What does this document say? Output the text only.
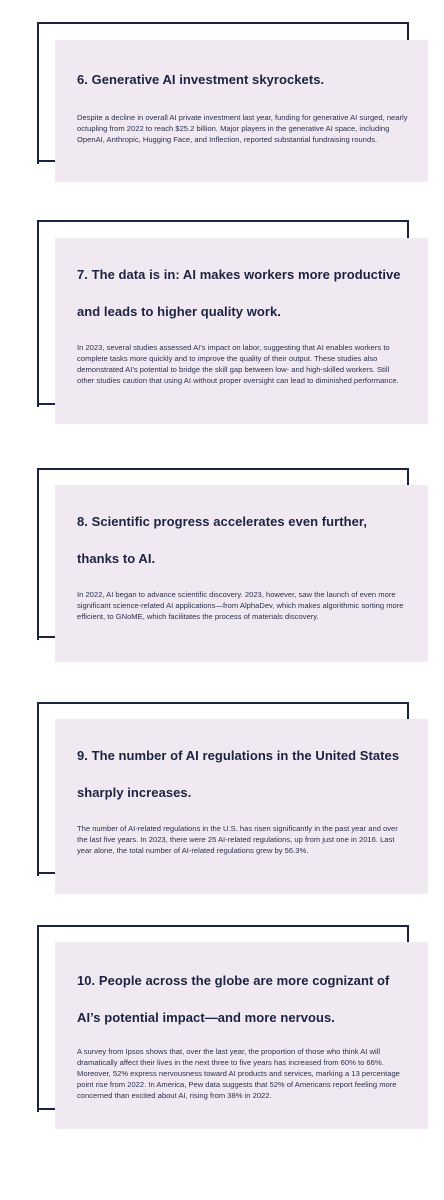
6. Generative AI investment skyrockets.

Despite a decline in overall AI private investment last year, funding for generative AI surged, nearly octupling from 2022 to reach $25.2 billion. Major players in the generative AI space, including OpenAI, Anthropic, Hugging Face, and Inflection, reported substantial fundraising rounds.

7. The data is in: AI makes workers more productive and leads to higher quality work.

In 2023, several studies assessed AI’s impact on labor, suggesting that AI enables workers to complete tasks more quickly and to improve the quality of their output. These studies also demonstrated AI’s potential to bridge the skill gap between low- and high-skilled workers. Still other studies caution that using AI without proper oversight can lead to diminished performance.

8. Scientific progress accelerates even further, thanks to AI.

In 2022, AI began to advance scientific discovery. 2023, however, saw the launch of even more significant science-related AI applications—from AlphaDev, which makes algorithmic sorting more efficient, to GNoME, which facilitates the process of materials discovery.

9. The number of AI regulations in the United States sharply increases.

The number of AI-related regulations in the U.S. has risen significantly in the past year and over the last five years. In 2023, there were 25 AI-related regulations, up from just one in 2016. Last year alone, the total number of AI-related regulations grew by 56.3%.

10. People across the globe are more cognizant of AI’s potential impact—and more nervous.

A survey from Ipsos shows that, over the last year, the proportion of those who think AI will dramatically affect their lives in the next three to five years has increased from 60% to 66%. Moreover, 52% express nervousness toward AI products and services, marking a 13 percentage point rise from 2022. In America, Pew data suggests that 52% of Americans report feeling more concerned than excited about AI, rising from 38% in 2022.
